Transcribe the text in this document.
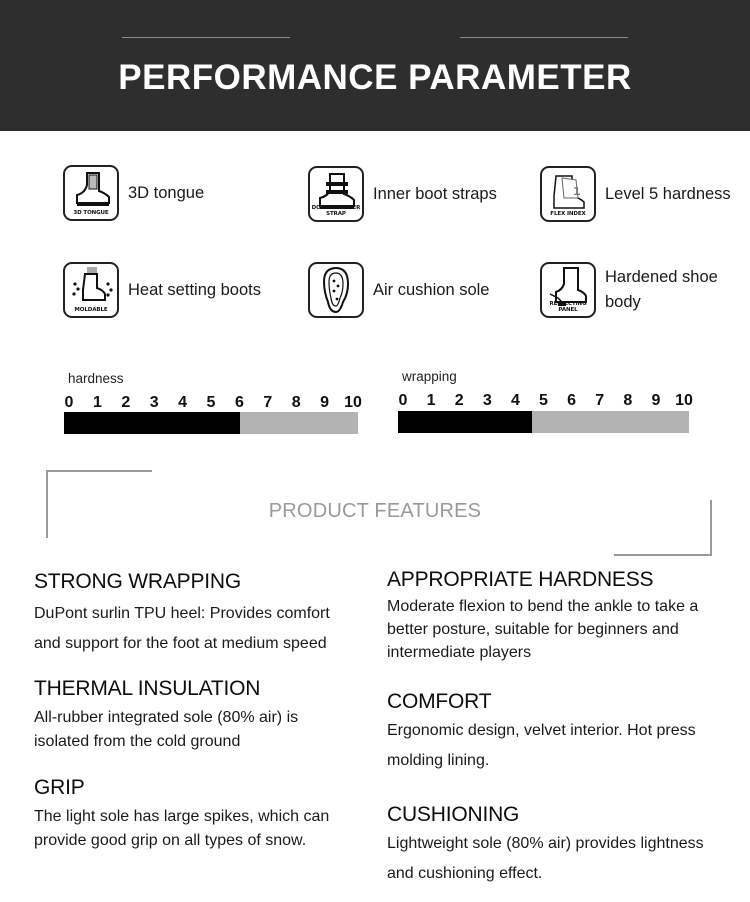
PERFORMANCE PARAMETER
3D TONGUE
3D tongue
DOUBLE POWER STRAP
Inner boot straps	1
FLEX INDEX
Level 5 hardness
MOLDABLE
Heat setting boots	Air cushion sole
REFLECTING PANEL
Hardened shoe body
hardness
0 1 2 3 4 5 6 7 8 9 10
wrapping
0 1 2 3 4 5 6 7 8 9 10
PRODUCT FEATURES
STRONG WRAPPING

DuPont surlin TPU heel: Provides comfort

and support for the foot at medium speed

THERMAL INSULATION

All-rubber integrated sole (80% air) is

isolated from the cold ground

GRIP

The light sole has large spikes, which can

provide good grip on all types of snow.

APPROPRIATE HARDNESS

Moderate flexion to bend the ankle to take a

better posture, suitable for beginners and

intermediate players

COMFORT

Ergonomic design, velvet interior. Hot press

molding lining.

CUSHIONING

Lightweight sole (80% air) provides lightness

and cushioning effect.
